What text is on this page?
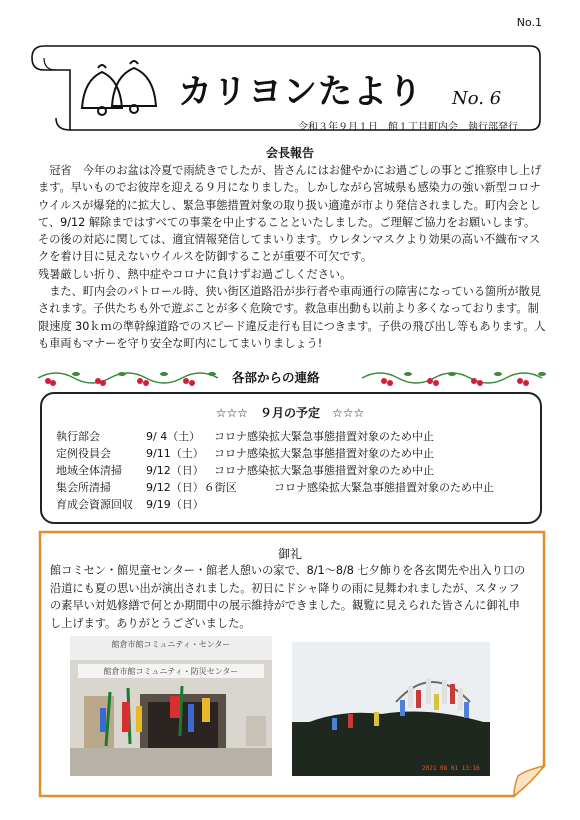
No.1
カリヨンたより No. 6
令和３年９月１日　館１丁目町内会　執行部発行
会長報告

　冠省　今年のお盆は冷夏で雨続きでしたが、皆さんにはお健やかにお過ごしの事とご推察申し上げます。早いものでお彼岸を迎える９月になりました。しかしながら宮城県も感染力の強い新型コロナウイルスが爆発的に拡大し、緊急事態措置対象の取り扱い適違が市より発信されました。町内会として、9/12 解除まではすべての事業を中止することといたしました。ご理解ご協力をお願いします。その後の対応に関しては、適宜情報発信してまいります。ウレタンマスクより効果の高い不織布マスクを着け目に見えないウイルスを防御することが重要不可欠です。

残暑厳しい折り、熱中症やコロナに負けずお過ごしください。

　また、町内会のパトロール時、狭い街区道路沿が歩行者や車両通行の障害になっている箇所が散見されます。子供たちも外で遊ぶことが多く危険です。救急車出動も以前より多くなっております。制限速度 30ｋｍの準幹線道路でのスピード違反走行も目につきます。子供の飛び出し等もあります。人も車両もマナーを守り安全な町内にしてまいりましょう!

各部からの連絡
☆☆☆　９月の予定　☆☆☆
執行部会	9/ 4（土） コロナ感染拡大緊急事態措置対象のため中止
定例役員会	9/11（土） コロナ感染拡大緊急事態措置対象のため中止
地域全体清掃 9/12（日） コロナ感染拡大緊急事態措置対象のため中止
集会所清掃	9/12（日）６街区	コロナ感染拡大緊急事態措置対象のため中止
育成会資源回収 9/19（日）
御礼

館コミセン・館児童センター・館老人憩いの家で、8/1～8/8 七夕飾りを各玄関先や出入り口の沿道にも夏の思い出が演出されました。初日にドシャ降りの雨に見舞われましたが、スタッフの素早い対処修繕で何とか期間中の展示維持ができました。観覧に見えられた皆さんに御礼申し上げます。ありがとうございました。

館倉市館コミュニティ・センター
館倉市館コミュニティ・防災センター
2021 08 01 13:16
